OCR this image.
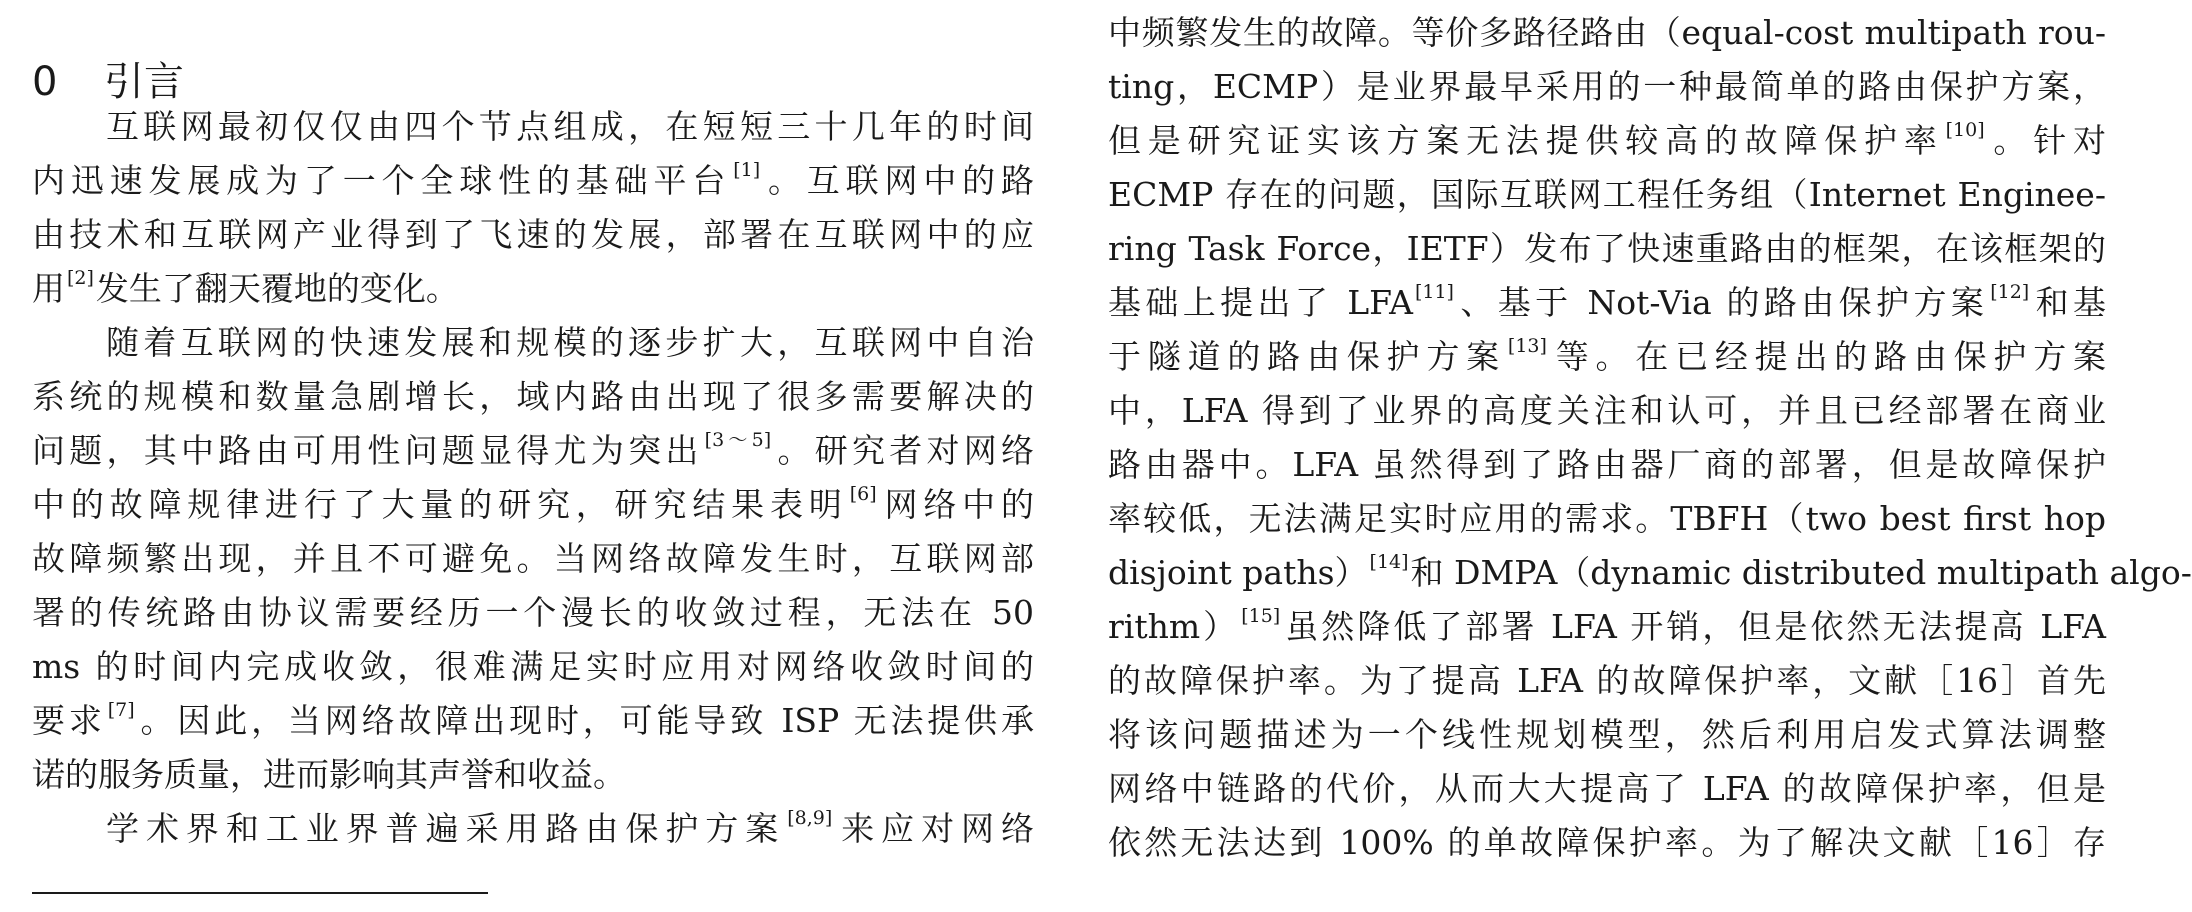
0 引言
互联网最初仅仅由四个节点组成，在短短三十几年的时间
内迅速发展成为了一个全球性的基础平台 [1]。互联网中的路
由技术和互联网产业得到了飞速的发展，部署在互联网中的应
用 [2]发生了翻天覆地的变化。
随着互联网的快速发展和规模的逐步扩大，互联网中自治
系统的规模和数量急剧增长，域内路由出现了很多需要解决的
问题，其中路由可用性问题显得尤为突出 [3～5]。研究者对网络
中的故障规律进行了大量的研究，研究结果表明 [6]网络中的
故障频繁出现，并且不可避免。当网络故障发生时，互联网部
署的传统路由协议需要经历一个漫长的收敛过程，无法在 50
ms 的时间内完成收敛，很难满足实时应用对网络收敛时间的
要求 [7]。因此，当网络故障出现时，可能导致 ISP 无法提供承
诺的服务质量，进而影响其声誉和收益。
学术界和工业界普遍采用路由保护方案 [8,9]来应对网络
中频繁发生的故障。等价多路径路由（equal-cost multipath rou-
ting，ECMP）是业界最早采用的一种最简单的路由保护方案，
但是研究证实该方案无法提供较高的故障保护率 [10]。针对
ECMP 存在的问题，国际互联网工程任务组（Internet Enginee-
ring Task Force，IETF）发布了快速重路由的框架，在该框架的
基础上提出了 LFA [11]、基于 Not-Via 的路由保护方案 [12]和基
于隧道的路由保护方案 [13]等。在已经提出的路由保护方案
中，LFA 得到了业界的高度关注和认可，并且已经部署在商业
路由器中。LFA 虽然得到了路由器厂商的部署，但是故障保护
率较低，无法满足实时应用的需求。TBFH（two best first hop
disjoint paths） [14]和 DMPA（dynamic distributed multipath algo-
rithm） [15]虽然降低了部署 LFA 开销，但是依然无法提高 LFA
的故障保护率。为了提高 LFA 的故障保护率，文献［16］首先
将该问题描述为一个线性规划模型，然后利用启发式算法调整
网络中链路的代价，从而大大提高了 LFA 的故障保护率，但是
依然无法达到 100% 的单故障保护率。为了解决文献［16］存
